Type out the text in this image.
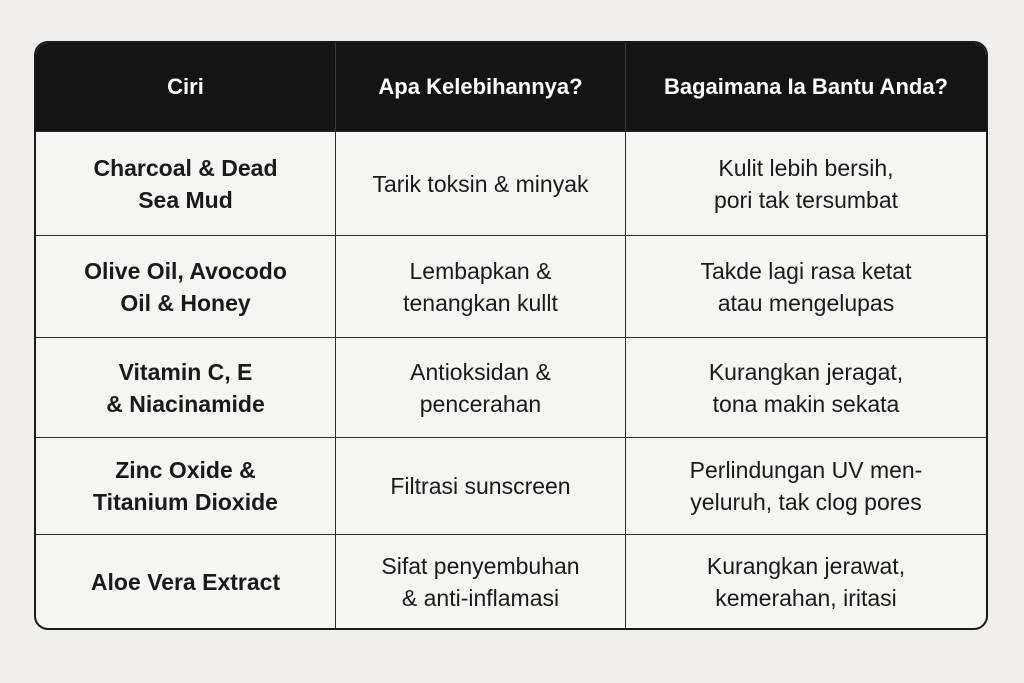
Ciri	Apa Kelebihannya?	Bagaimana Ia Bantu Anda?
Charcoal & Dead
Sea Mud
Tarik toksin & minyak
Kulit lebih bersih,
pori tak tersumbat
Olive Oil, Avocodo
Oil & Honey
Lembapkan &
tenangkan kullt
Takde lagi rasa ketat
atau mengelupas
Vitamin C, E
& Niacinamide
Antioksidan &
pencerahan
Kurangkan jeragat,
tona makin sekata
Zinc Oxide &
Titanium Dioxide
Filtrasi sunscreen
Perlindungan UV men-
yeluruh, tak clog pores
Aloe Vera Extract
Sifat penyembuhan
& anti-inflamasi
Kurangkan jerawat,
kemerahan, iritasi
